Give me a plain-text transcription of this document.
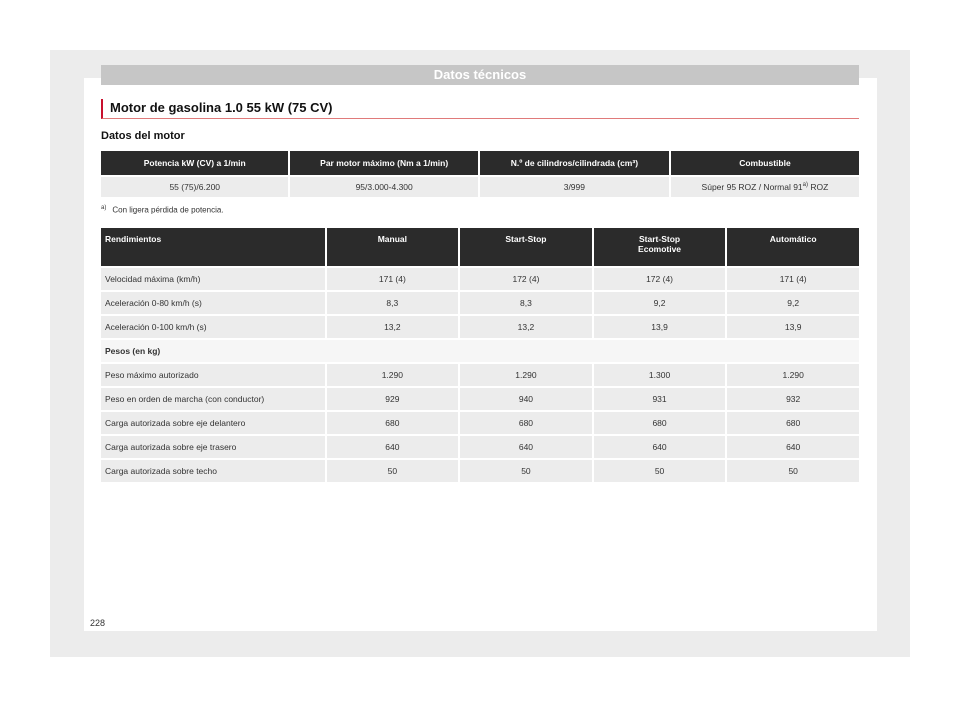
Datos técnicos
Motor de gasolina 1.0 55 kW (75 CV)
Datos del motor
Potencia kW (CV) a 1/min	Par motor máximo (Nm a 1/min)	N.º de cilindros/cilindrada (cm³)	Combustible
55 (75)/6.200	95/3.000-4.300	3/999	Súper 95 ROZ / Normal 91$^{a)}$ ROZ
$^{a)}$ Con ligera pérdida de potencia.
Rendimientos	Manual	Start-Stop	Start-Stop Ecomotive	Automático
Velocidad máxima (km/h)	171 (4)	172 (4)	172 (4)	171 (4)
Aceleración 0-80 km/h (s)	8,3	8,3	9,2	9,2
Aceleración 0-100 km/h (s)	13,2	13,2	13,9	13,9
Pesos (en kg)				
Peso máximo autorizado	1.290	1.290	1.300	1.290
Peso en orden de marcha (con conductor)	929	940	931	932
Carga autorizada sobre eje delantero	680	680	680	680
Carga autorizada sobre eje trasero	640	640	640	640
Carga autorizada sobre techo	50	50	50	50
228
